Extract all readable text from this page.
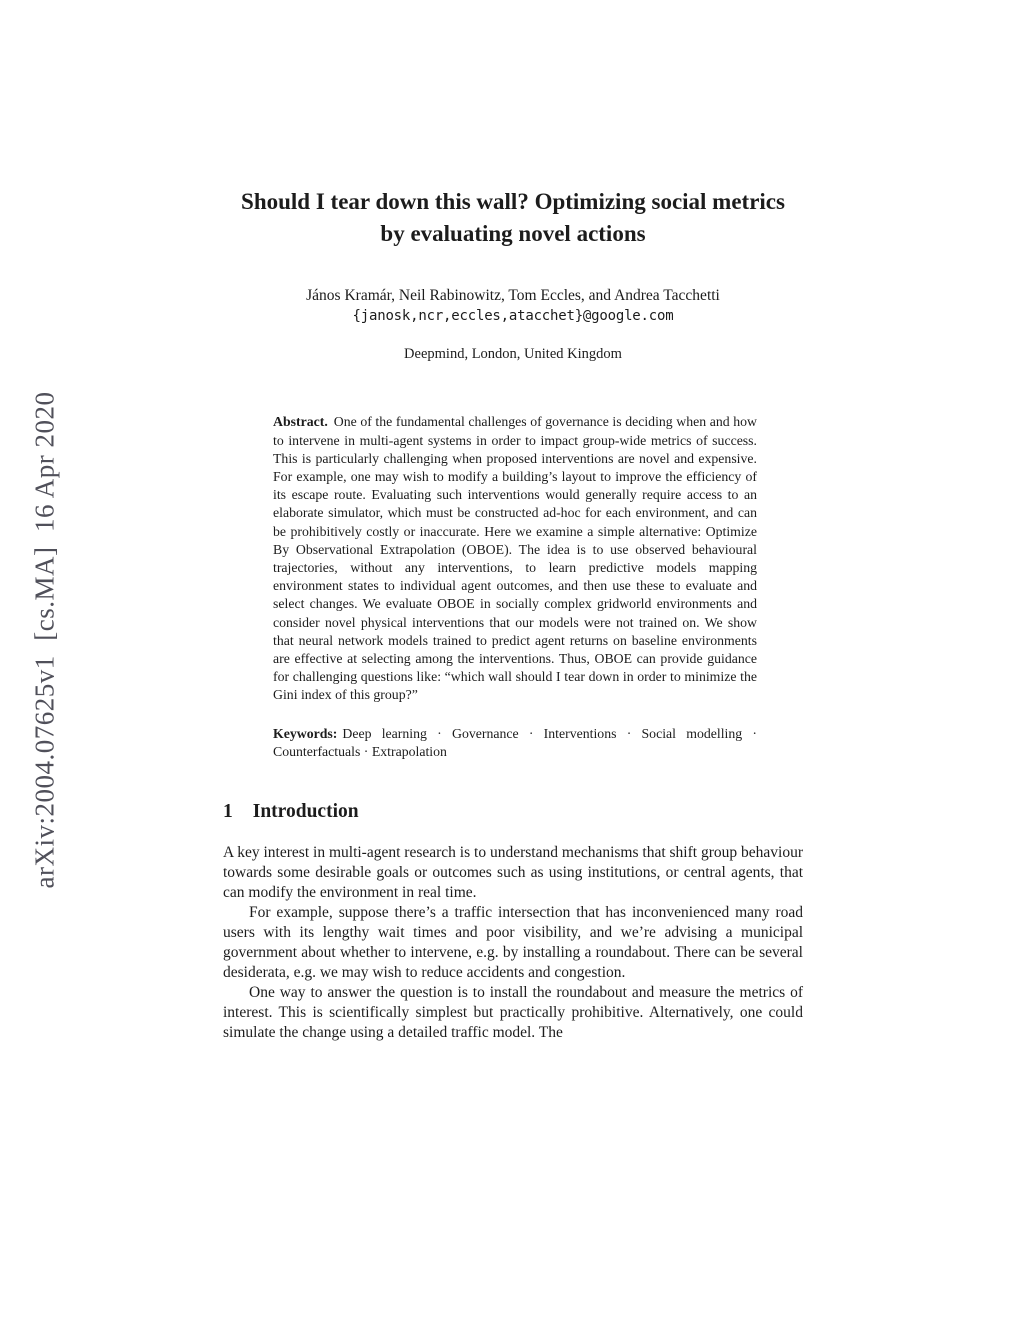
arXiv:2004.07625v1  [cs.MA]  16 Apr 2020
Should I tear down this wall? Optimizing social metrics by evaluating novel actions
János Kramár, Neil Rabinowitz, Tom Eccles, and Andrea Tacchetti
{janosk,ncr,eccles,atacchet}@google.com
Deepmind, London, United Kingdom
Abstract. One of the fundamental challenges of governance is deciding when and how to intervene in multi-agent systems in order to impact group-wide metrics of success. This is particularly challenging when proposed interventions are novel and expensive. For example, one may wish to modify a building’s layout to improve the efficiency of its escape route. Evaluating such interventions would generally require access to an elaborate simulator, which must be constructed ad-hoc for each environment, and can be prohibitively costly or inaccurate. Here we examine a simple alternative: Optimize By Observational Extrapolation (OBOE). The idea is to use observed behavioural trajectories, without any interventions, to learn predictive models mapping environment states to individual agent outcomes, and then use these to evaluate and select changes. We evaluate OBOE in socially complex gridworld environments and consider novel physical interventions that our models were not trained on. We show that neural network models trained to predict agent returns on baseline environments are effective at selecting among the interventions. Thus, OBOE can provide guidance for challenging questions like: “which wall should I tear down in order to minimize the Gini index of this group?”
Keywords: Deep learning · Governance · Interventions · Social modelling · Counterfactuals · Extrapolation
1 Introduction

A key interest in multi-agent research is to understand mechanisms that shift group behaviour towards some desirable goals or outcomes such as using institutions, or central agents, that can modify the environment in real time.

For example, suppose there’s a traffic intersection that has inconvenienced many road users with its lengthy wait times and poor visibility, and we’re advising a municipal government about whether to intervene, e.g. by installing a roundabout. There can be several desiderata, e.g. we may wish to reduce accidents and congestion.

One way to answer the question is to install the roundabout and measure the metrics of interest. This is scientifically simplest but practically prohibitive. Alternatively, one could simulate the change using a detailed traffic model. The
